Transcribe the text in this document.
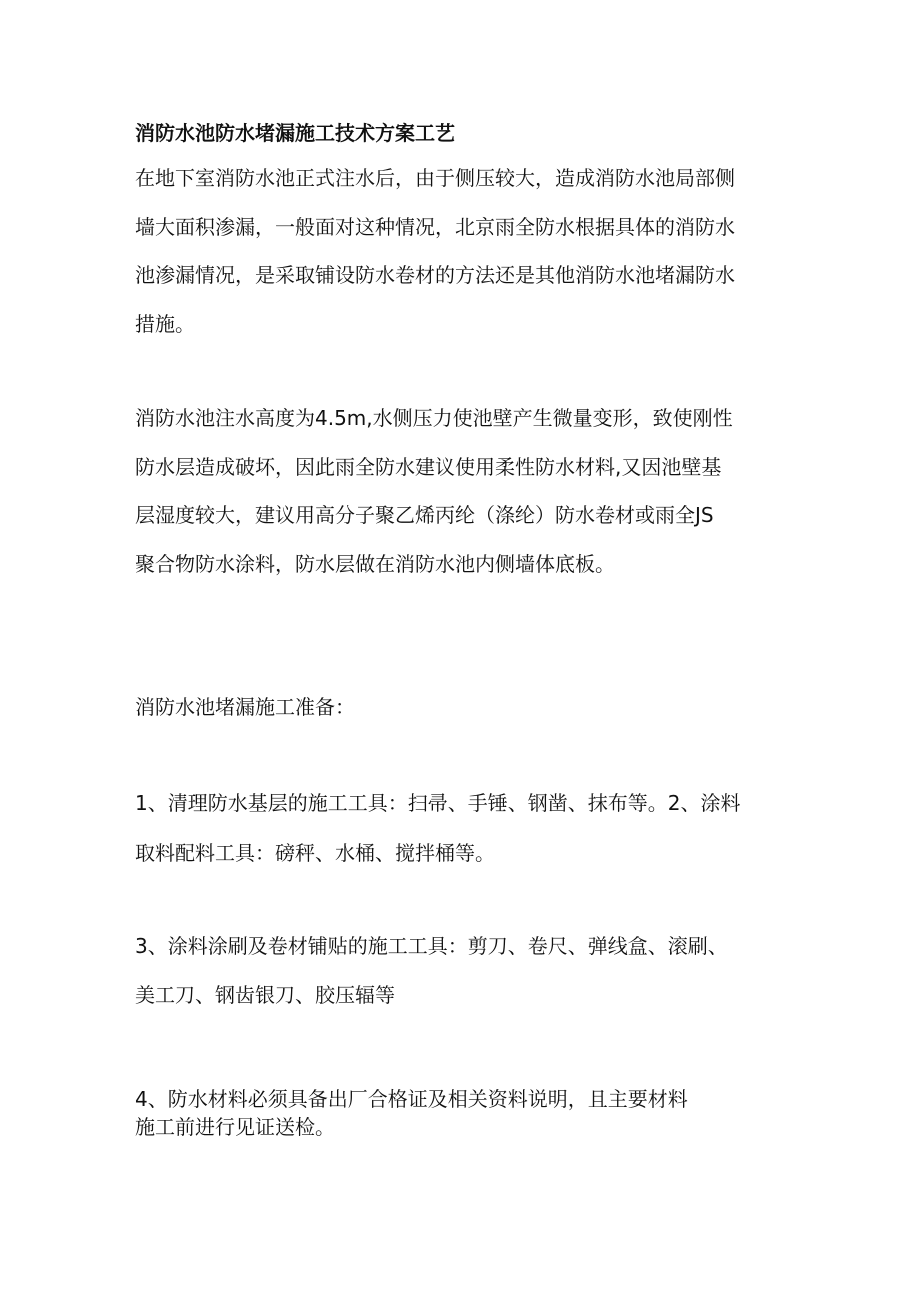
消防水池防水堵漏施工技术方案工艺
在地下室消防水池正式注水后，由于侧压较大，造成消防水池局部侧
墙大面积渗漏，一般面对这种情况，北京雨全防水根据具体的消防水
池渗漏情况，是采取铺设防水卷材的方法还是其他消防水池堵漏防水
措施。
消防水池注水高度为4.5m,水侧压力使池壁产生微量变形，致使刚性
防水层造成破坏，因此雨全防水建议使用柔性防水材料,又因池壁基
层湿度较大，建议用高分子聚乙烯丙纶（涤纶）防水卷材或雨全JS
聚合物防水涂料，防水层做在消防水池内侧墙体底板。
消防水池堵漏施工准备：
1、清理防水基层的施工工具：扫帚、手锤、钢凿、抹布等。2、涂料
取料配料工具：磅秤、水桶、搅拌桶等。
3、涂料涂刷及卷材铺贴的施工工具：剪刀、卷尺、弹线盒、滚刷、
美工刀、钢齿银刀、胶压辐等
4、防水材料必须具备出厂合格证及相关资料说明，且主要材料
施工前进行见证送检。
